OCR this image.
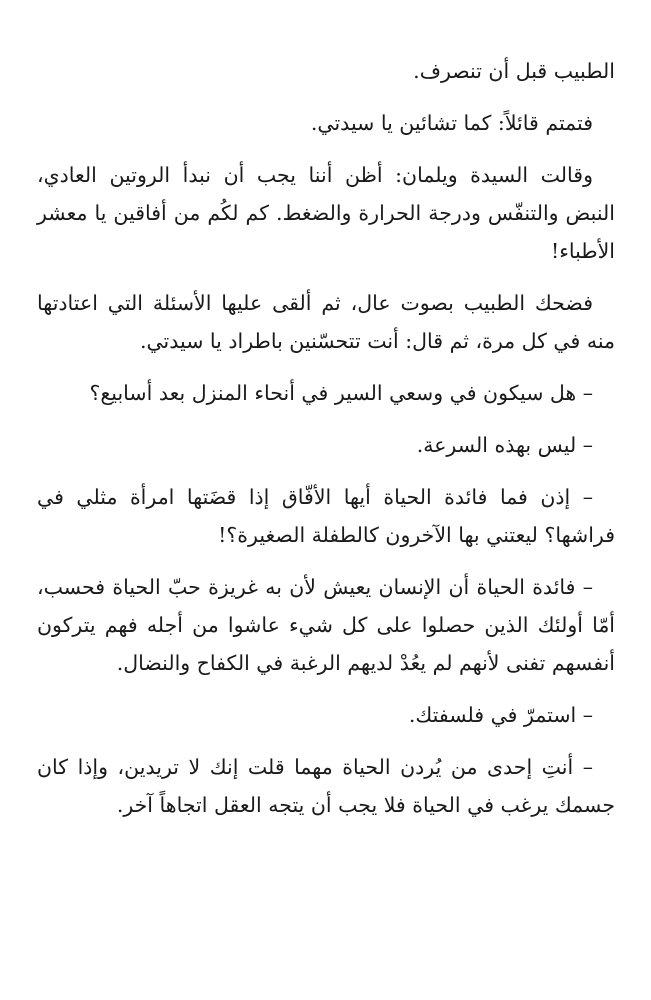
الطبيب قبل أن تنصرف.

فتمتم قائلاً: كما تشائين يا سيدتي.

وقالت السيدة ويلمان: أظن أننا يجب أن نبدأ الروتين العادي، النبض والتنفّس ودرجة الحرارة والضغط. كم لكُم من أفاقين يا معشر الأطباء!

فضحك الطبيب بصوت عال، ثم ألقى عليها الأسئلة التي اعتادتها منه في كل مرة، ثم قال: أنت تتحسّنين باطراد يا سيدتي.

– هل سيكون في وسعي السير في أنحاء المنزل بعد أسابيع؟

– ليس بهذه السرعة.

– إذن فما فائدة الحياة أيها الأفّاق إذا قضَتها امرأة مثلي في فراشها؟ ليعتني بها الآخرون كالطفلة الصغيرة؟!

– فائدة الحياة أن الإنسان يعيش لأن به غريزة حبّ الحياة فحسب، أمّا أولئك الذين حصلوا على كل شيء عاشوا من أجله فهم يتركون أنفسهم تفنى لأنهم لم يعُدْ لديهم الرغبة في الكفاح والنضال.

– استمرّ في فلسفتك.

– أنتِ إحدى من يُردن الحياة مهما قلت إنك لا تريدين، وإذا كان جسمك يرغب في الحياة فلا يجب أن يتجه العقل اتجاهاً آخر.
